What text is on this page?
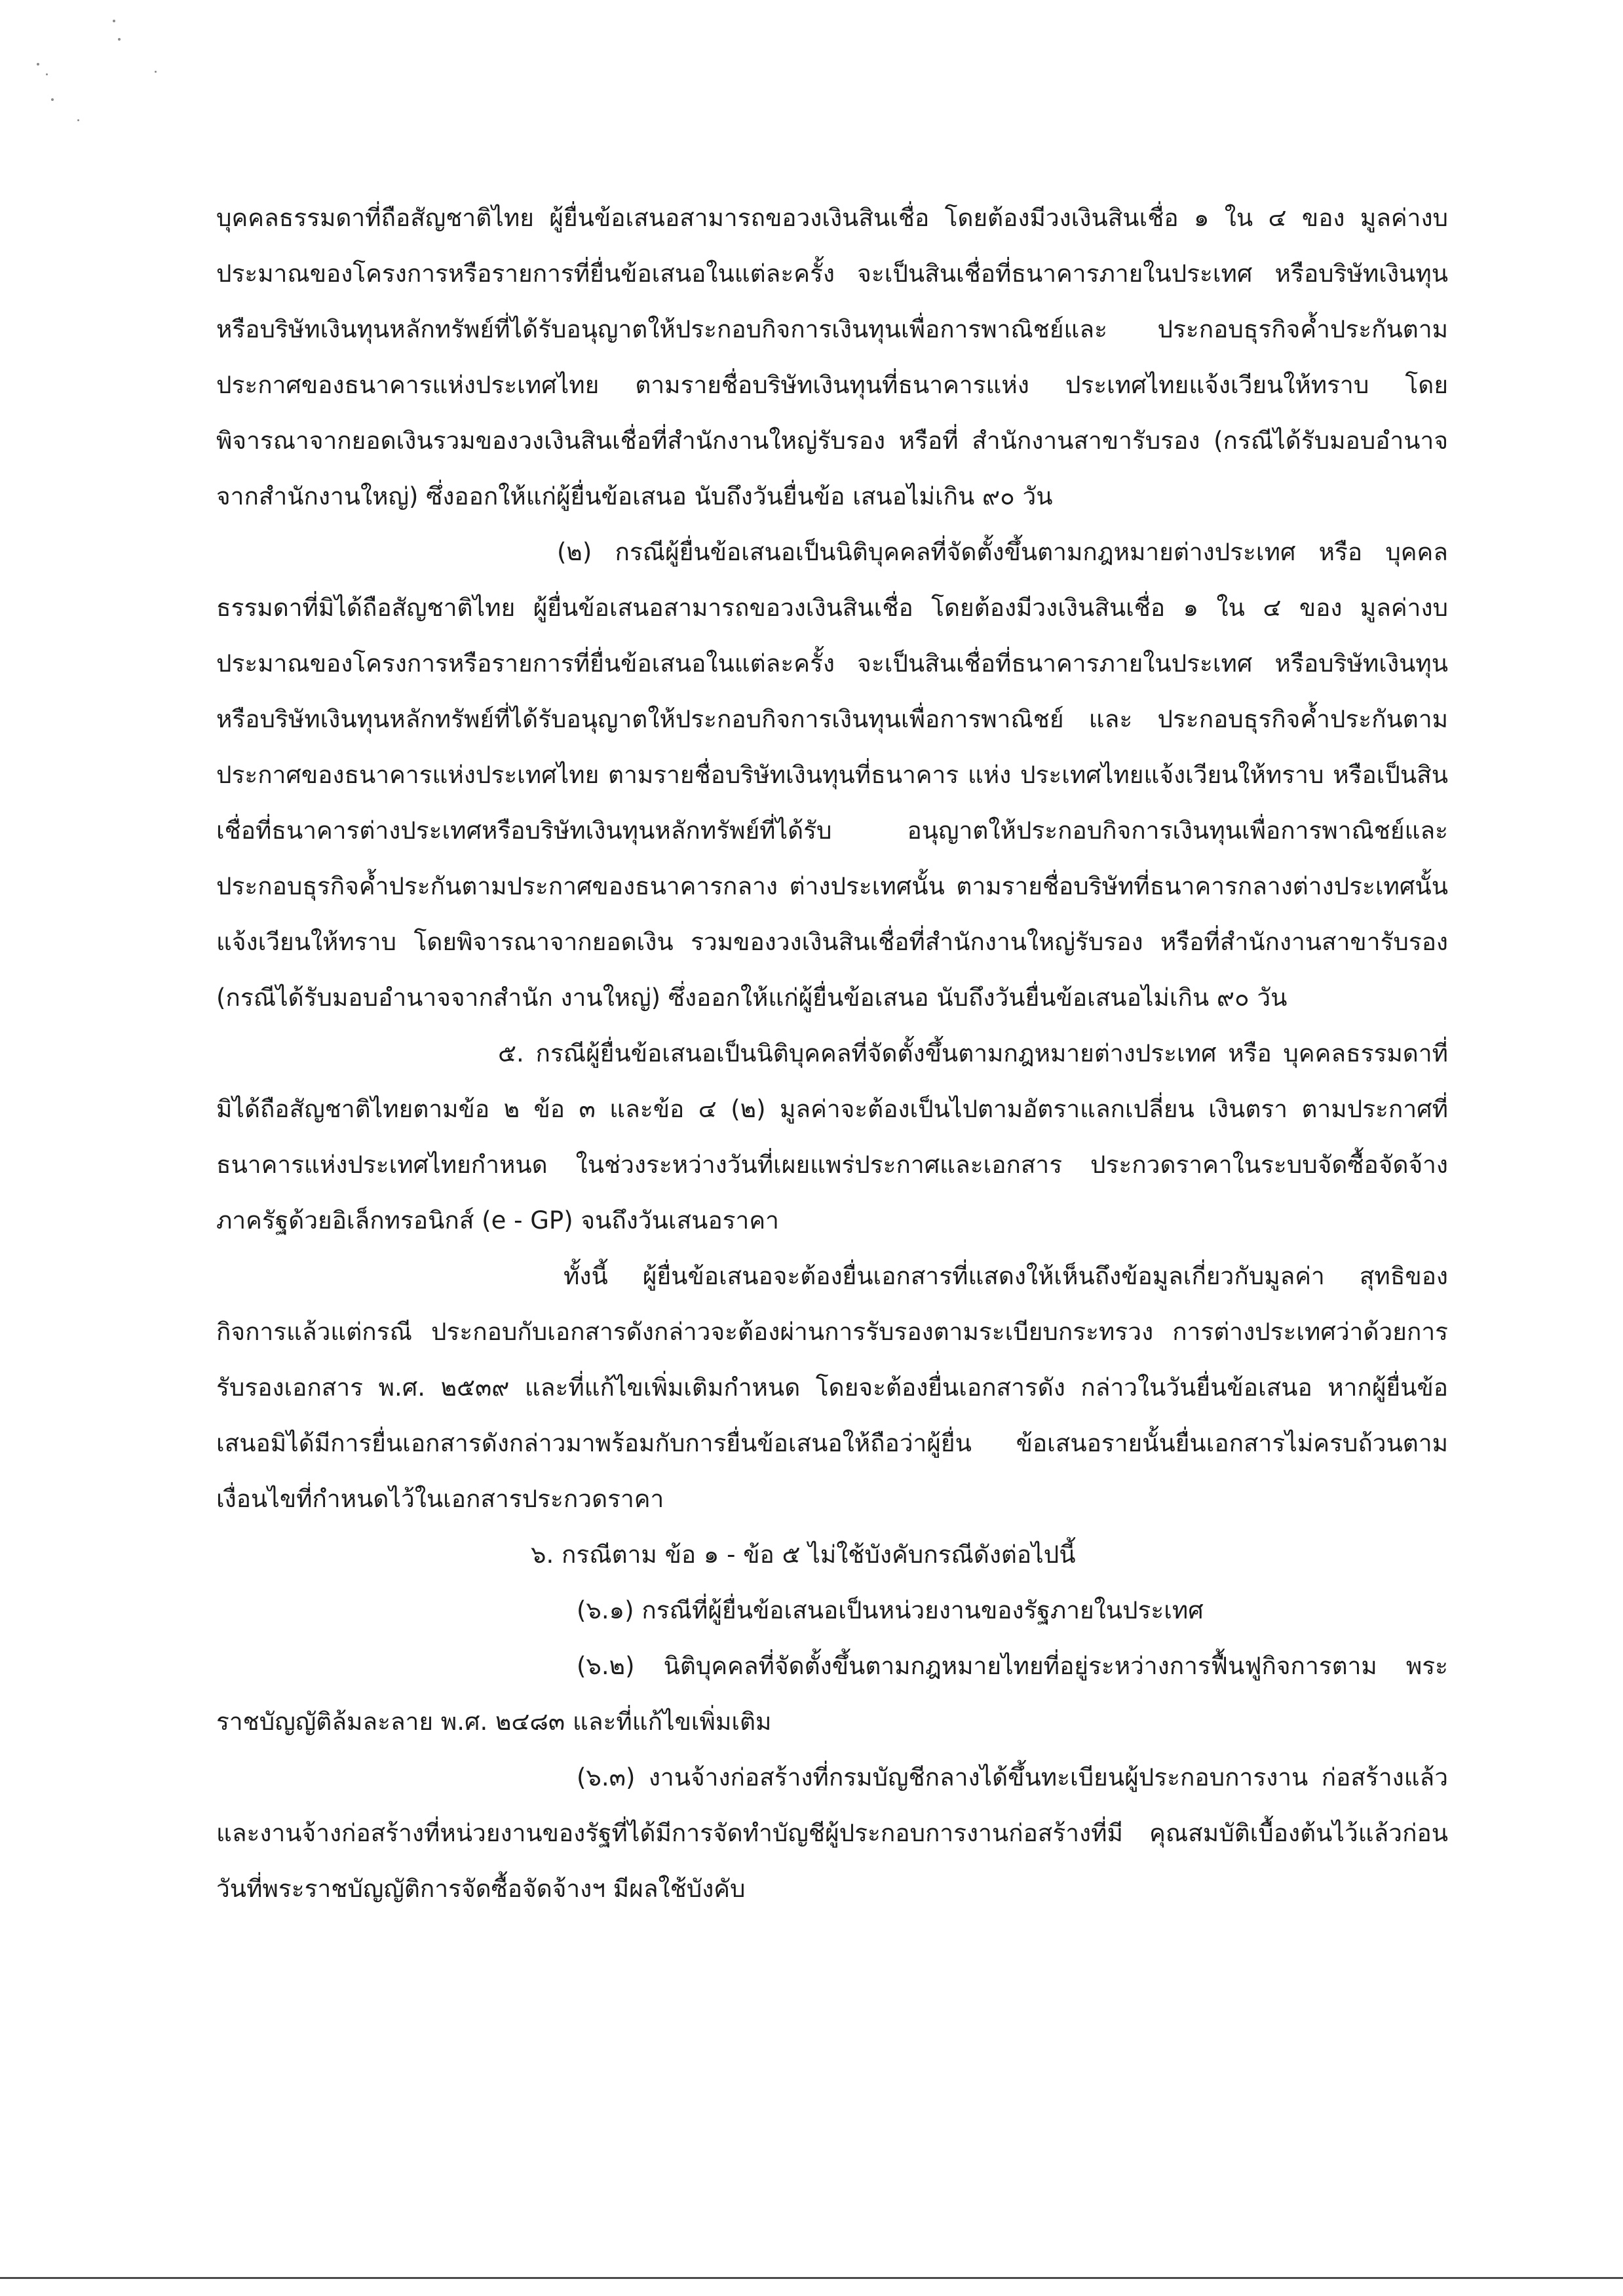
บุคคลธรรมดาที่ถือสัญชาติไทย ผู้ยื่นข้อเสนอสามารถขอวงเงินสินเชื่อ โดยต้องมีวงเงินสินเชื่อ ๑ ใน ๔ ของ มูลค่างบประมาณของโครงการหรือรายการที่ยื่นข้อเสนอในแต่ละครั้ง จะเป็นสินเชื่อที่ธนาคารภายในประเทศ หรือบริษัทเงินทุนหรือบริษัทเงินทุนหลักทรัพย์ที่ได้รับอนุญาตให้ประกอบกิจการเงินทุนเพื่อการพาณิชย์และ ประกอบธุรกิจค้ำประกันตามประกาศของธนาคารแห่งประเทศไทย ตามรายชื่อบริษัทเงินทุนที่ธนาคารแห่ง ประเทศไทยแจ้งเวียนให้ทราบ โดยพิจารณาจากยอดเงินรวมของวงเงินสินเชื่อที่สำนักงานใหญ่รับรอง หรือที่ สำนักงานสาขารับรอง (กรณีได้รับมอบอำนาจจากสำนักงานใหญ่) ซึ่งออกให้แก่ผู้ยื่นข้อเสนอ นับถึงวันยื่นข้อ เสนอไม่เกิน ๙๐ วัน

(๒) กรณีผู้ยื่นข้อเสนอเป็นนิติบุคคลที่จัดตั้งขึ้นตามกฎหมายต่างประเทศ หรือ บุคคลธรรมดาที่มิได้ถือสัญชาติไทย ผู้ยื่นข้อเสนอสามารถขอวงเงินสินเชื่อ โดยต้องมีวงเงินสินเชื่อ ๑ ใน ๔ ของ มูลค่างบประมาณของโครงการหรือรายการที่ยื่นข้อเสนอในแต่ละครั้ง จะเป็นสินเชื่อที่ธนาคารภายในประเทศ หรือบริษัทเงินทุนหรือบริษัทเงินทุนหลักทรัพย์ที่ได้รับอนุญาตให้ประกอบกิจการเงินทุนเพื่อการพาณิชย์ และ ประกอบธุรกิจค้ำประกันตามประกาศของธนาคารแห่งประเทศไทย ตามรายชื่อบริษัทเงินทุนที่ธนาคาร แห่ง ประเทศไทยแจ้งเวียนให้ทราบ หรือเป็นสินเชื่อที่ธนาคารต่างประเทศหรือบริษัทเงินทุนหลักทรัพย์ที่ได้รับ อนุญาตให้ประกอบกิจการเงินทุนเพื่อการพาณิชย์และประกอบธุรกิจค้ำประกันตามประกาศของธนาคารกลาง ต่างประเทศนั้น ตามรายชื่อบริษัทที่ธนาคารกลางต่างประเทศนั้นแจ้งเวียนให้ทราบ โดยพิจารณาจากยอดเงิน รวมของวงเงินสินเชื่อที่สำนักงานใหญ่รับรอง หรือที่สำนักงานสาขารับรอง (กรณีได้รับมอบอำนาจจากสำนัก งานใหญ่) ซึ่งออกให้แก่ผู้ยื่นข้อเสนอ นับถึงวันยื่นข้อเสนอไม่เกิน ๙๐ วัน

๕. กรณีผู้ยื่นข้อเสนอเป็นนิติบุคคลที่จัดตั้งขึ้นตามกฎหมายต่างประเทศ หรือ บุคคลธรรมดาที่มิได้ถือสัญชาติไทยตามข้อ ๒ ข้อ ๓ และข้อ ๔ (๒) มูลค่าจะต้องเป็นไปตามอัตราแลกเปลี่ยน เงินตรา ตามประกาศที่ธนาคารแห่งประเทศไทยกำหนด ในช่วงระหว่างวันที่เผยแพร่ประกาศและเอกสาร ประกวดราคาในระบบจัดซื้อจัดจ้างภาครัฐด้วยอิเล็กทรอนิกส์ (e - GP) จนถึงวันเสนอราคา

ทั้งนี้ ผู้ยื่นข้อเสนอจะต้องยื่นเอกสารที่แสดงให้เห็นถึงข้อมูลเกี่ยวกับมูลค่า สุทธิของกิจการแล้วแต่กรณี ประกอบกับเอกสารดังกล่าวจะต้องผ่านการรับรองตามระเบียบกระทรวง การต่างประเทศว่าด้วยการรับรองเอกสาร พ.ศ. ๒๕๓๙ และที่แก้ไขเพิ่มเติมกำหนด โดยจะต้องยื่นเอกสารดัง กล่าวในวันยื่นข้อเสนอ หากผู้ยื่นข้อเสนอมิได้มีการยื่นเอกสารดังกล่าวมาพร้อมกับการยื่นข้อเสนอให้ถือว่าผู้ยื่น ข้อเสนอรายนั้นยื่นเอกสารไม่ครบถ้วนตามเงื่อนไขที่กำหนดไว้ในเอกสารประกวดราคา

๖. กรณีตาม ข้อ ๑ - ข้อ ๕ ไม่ใช้บังคับกรณีดังต่อไปนี้

(๖.๑) กรณีที่ผู้ยื่นข้อเสนอเป็นหน่วยงานของรัฐภายในประเทศ

(๖.๒) นิติบุคคลที่จัดตั้งขึ้นตามกฎหมายไทยที่อยู่ระหว่างการฟื้นฟูกิจการตาม พระราชบัญญัติล้มละลาย พ.ศ. ๒๔๘๓ และที่แก้ไขเพิ่มเติม

(๖.๓) งานจ้างก่อสร้างที่กรมบัญชีกลางได้ขึ้นทะเบียนผู้ประกอบการงาน ก่อสร้างแล้ว และงานจ้างก่อสร้างที่หน่วยงานของรัฐที่ได้มีการจัดทำบัญชีผู้ประกอบการงานก่อสร้างที่มี คุณสมบัติเบื้องต้นไว้แล้วก่อนวันที่พระราชบัญญัติการจัดซื้อจัดจ้างฯ มีผลใช้บังคับ
